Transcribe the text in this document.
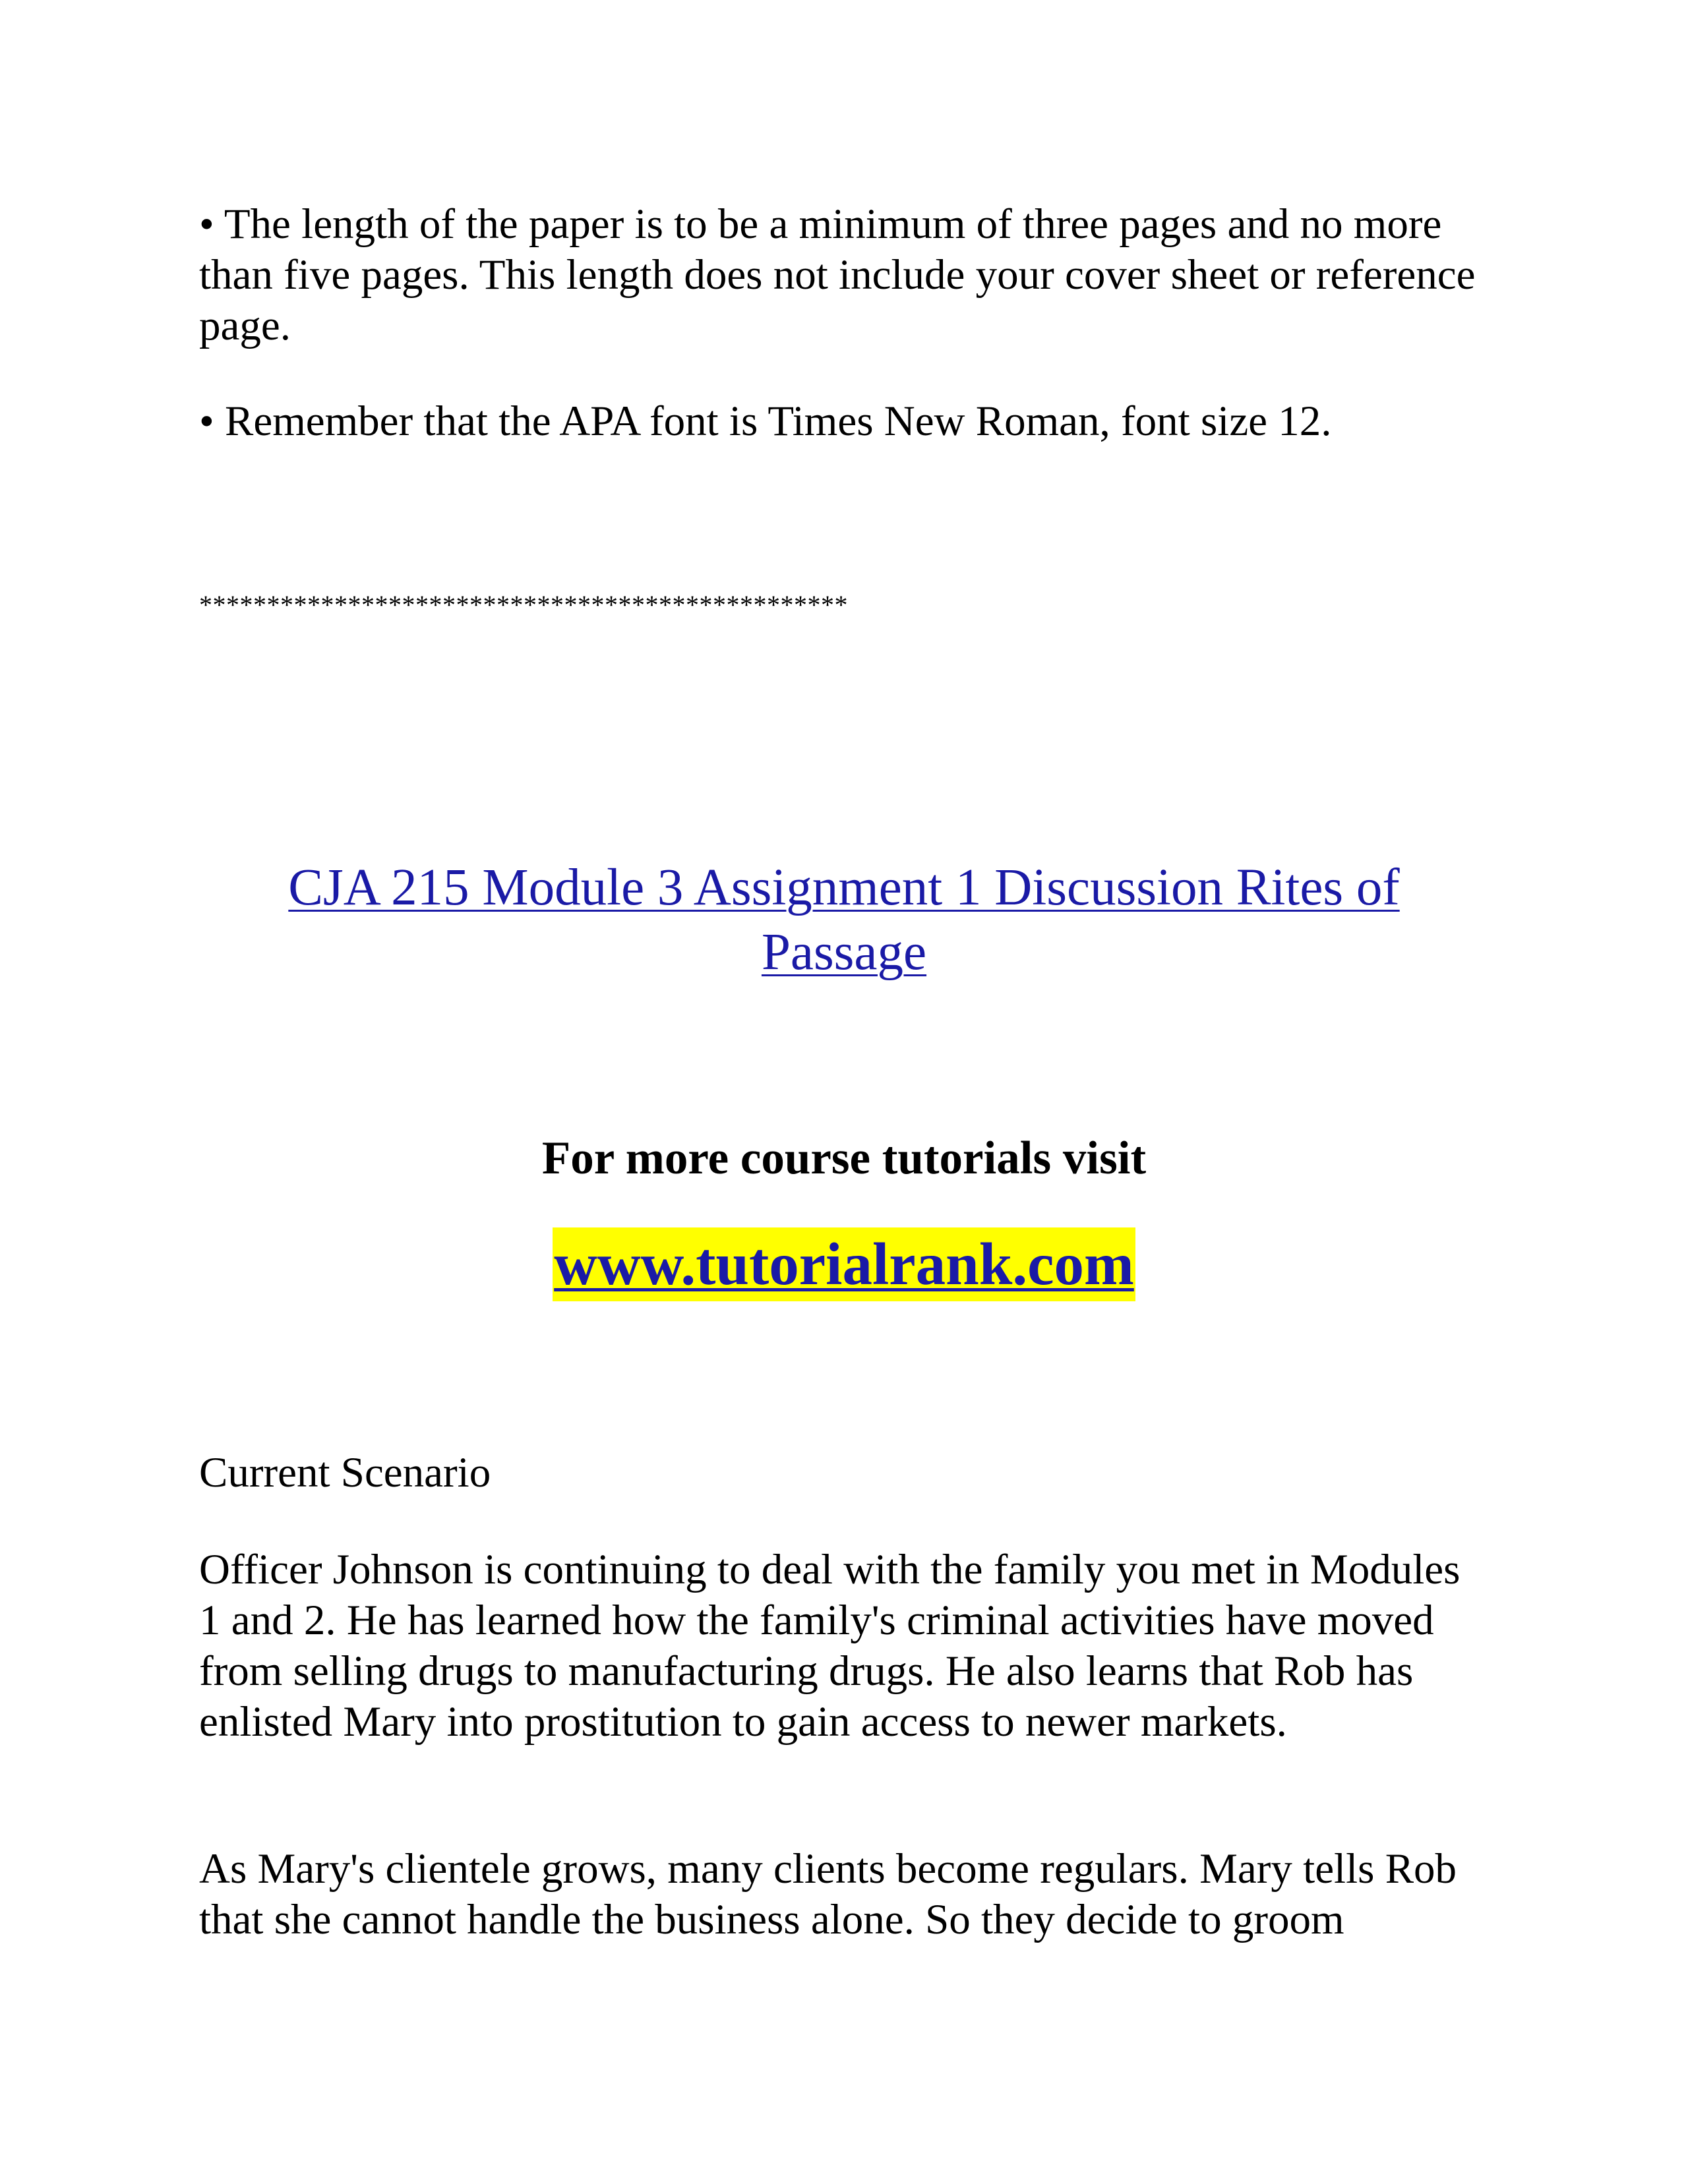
• The length of the paper is to be a minimum of three pages and no more than five pages. This length does not include your cover sheet or reference page.

• Remember that the APA font is Times New Roman, font size 12.

************************************************

CJA 215 Module 3 Assignment 1 Discussion Rites of
Passage

For more course tutorials visit

www.tutorialrank.com

Current Scenario

Officer Johnson is continuing to deal with the family you met in Modules 1 and 2. He has learned how the family's criminal activities have moved from selling drugs to manufacturing drugs. He also learns that Rob has enlisted Mary into prostitution to gain access to newer markets.

As Mary's clientele grows, many clients become regulars. Mary tells Rob that she cannot handle the business alone. So they decide to groom
